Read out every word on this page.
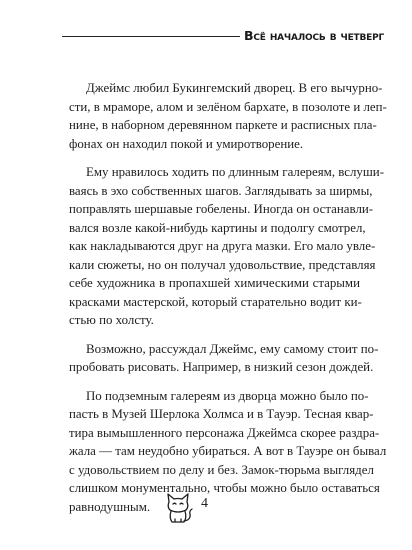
Всё началось в четверг
Джеймс любил Букингемский дворец. В его вычурно-
сти, в мраморе, алом и зелёном бархате, в позолоте и леп-
нине, в наборном деревянном паркете и расписных пла-
фонах он находил покой и умиротворение.
Ему нравилось ходить по длинным галереям, вслуши-
ваясь в эхо собственных шагов. Заглядывать за ширмы,
поправлять шершавые гобелены. Иногда он останавли-
вался возле какой-нибудь картины и подолгу смотрел,
как накладываются друг на друга мазки. Его мало увле-
кали сюжеты, но он получал удовольствие, представляя
себе художника в пропахшей химическими старыми
красками мастерской, который старательно водит ки-
стью по холсту.
Возможно, рассуждал Джеймс, ему самому стоит по-
пробовать рисовать. Например, в низкий сезон дождей.
По подземным галереям из дворца можно было по-
пасть в Музей Шерлока Холмса и в Тауэр. Тесная квар-
тира вымышленного персонажа Джеймса скорее раздра-
жала — там неудобно убираться. А вот в Тауэре он бывал
с удовольствием по делу и без. Замок-тюрьма выглядел
слишком монументально, чтобы можно было оставаться
равнодушным.	4
